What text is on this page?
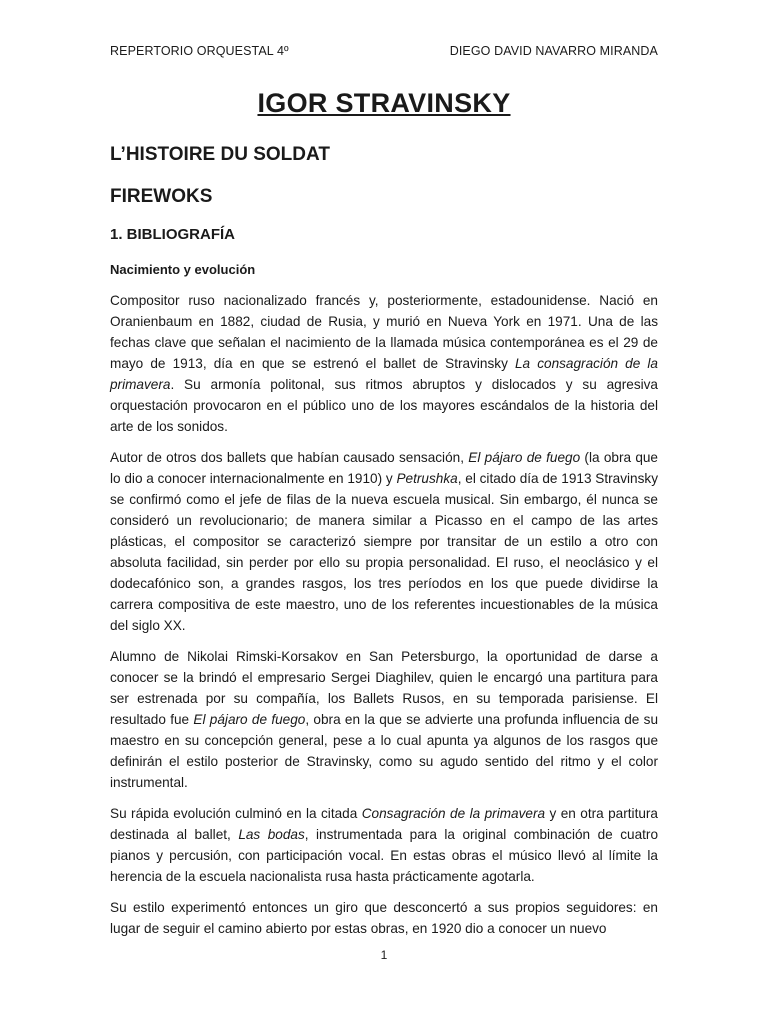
REPERTORIO ORQUESTAL 4º	DIEGO DAVID NAVARRO MIRANDA
IGOR STRAVINSKY
L’HISTOIRE DU SOLDAT
FIREWOKS
1. BIBLIOGRAFÍA
Nacimiento y evolución

Compositor ruso nacionalizado francés y, posteriormente, estadounidense. Nació en Oranienbaum en 1882, ciudad de Rusia, y murió en Nueva York en 1971. Una de las fechas clave que señalan el nacimiento de la llamada música contemporánea es el 29 de mayo de 1913, día en que se estrenó el ballet de Stravinsky La consagración de la primavera. Su armonía politonal, sus ritmos abruptos y dislocados y su agresiva orquestación provocaron en el público uno de los mayores escándalos de la historia del arte de los sonidos.

Autor de otros dos ballets que habían causado sensación, El pájaro de fuego (la obra que lo dio a conocer internacionalmente en 1910) y Petrushka, el citado día de 1913 Stravinsky se confirmó como el jefe de filas de la nueva escuela musical. Sin embargo, él nunca se consideró un revolucionario; de manera similar a Picasso en el campo de las artes plásticas, el compositor se caracterizó siempre por transitar de un estilo a otro con absoluta facilidad, sin perder por ello su propia personalidad. El ruso, el neoclásico y el dodecafónico son, a grandes rasgos, los tres períodos en los que puede dividirse la carrera compositiva de este maestro, uno de los referentes incuestionables de la música del siglo XX.

Alumno de Nikolai Rimski-Korsakov en San Petersburgo, la oportunidad de darse a conocer se la brindó el empresario Sergei Diaghilev, quien le encargó una partitura para ser estrenada por su compañía, los Ballets Rusos, en su temporada parisiense. El resultado fue El pájaro de fuego, obra en la que se advierte una profunda influencia de su maestro en su concepción general, pese a lo cual apunta ya algunos de los rasgos que definirán el estilo posterior de Stravinsky, como su agudo sentido del ritmo y el color instrumental.

Su rápida evolución culminó en la citada Consagración de la primavera y en otra partitura destinada al ballet, Las bodas, instrumentada para la original combinación de cuatro pianos y percusión, con participación vocal. En estas obras el músico llevó al límite la herencia de la escuela nacionalista rusa hasta prácticamente agotarla.

Su estilo experimentó entonces un giro que desconcertó a sus propios seguidores: en lugar de seguir el camino abierto por estas obras, en 1920 dio a conocer un nuevo

1
